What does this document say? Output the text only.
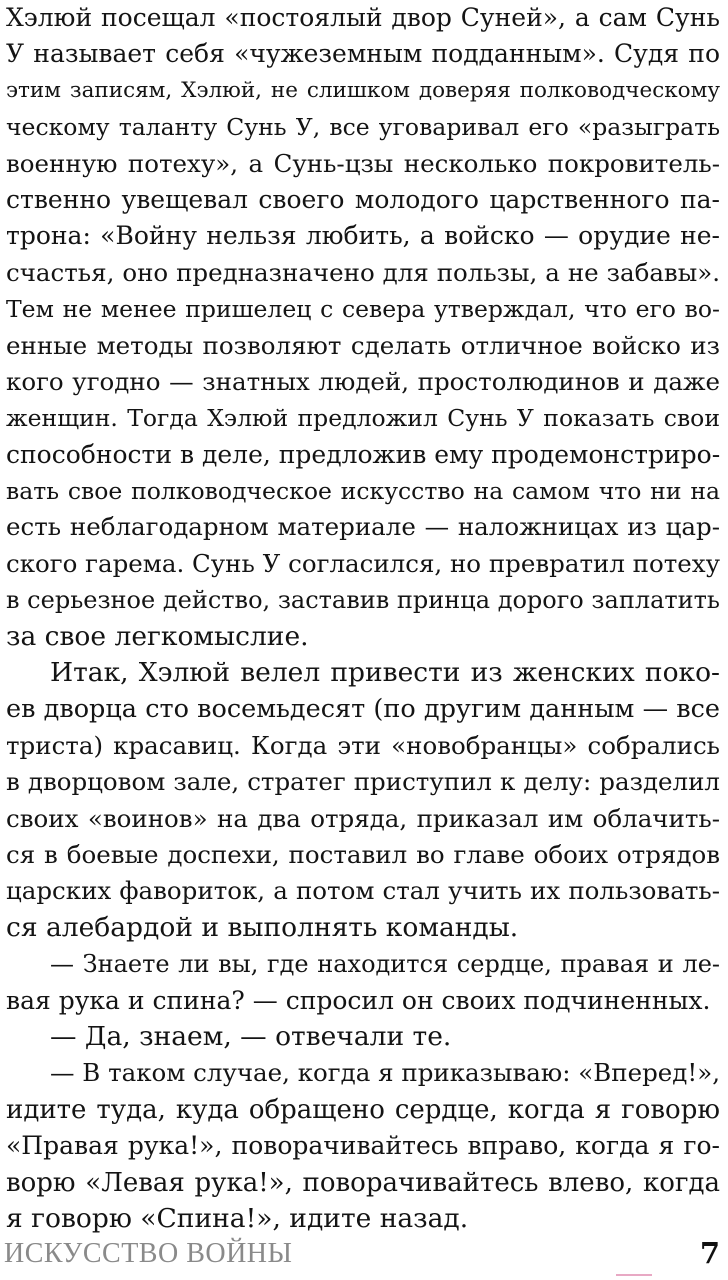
Хэлюй посещал «постоялый двор Суней», а сам Сунь
У называет себя «чужеземным подданным». Судя по
этим записям, Хэлюй, не слишком доверяя полководческому
ческому таланту Сунь У, все уговаривал его «разыграть
военную потеху», а Сунь-цзы несколько покровитель-
ственно увещевал своего молодого царственного па-
трона: «Войну нельзя любить, а войско — орудие не-
счастья, оно предназначено для пользы, а не забавы».
Тем не менее пришелец с севера утверждал, что его во-
енные методы позволяют сделать отличное войско из
кого угодно — знатных людей, простолюдинов и даже
женщин. Тогда Хэлюй предложил Сунь У показать свои
способности в деле, предложив ему продемонстриро-
вать свое полководческое искусство на самом что ни на
есть неблагодарном материале — наложницах из цар-
ского гарема. Сунь У согласился, но превратил потеху
в серьезное действо, заставив принца дорого заплатить
за свое легкомыслие.
Итак, Хэлюй велел привести из женских поко-
ев дворца сто восемьдесят (по другим данным — все
триста) красавиц. Когда эти «новобранцы» собрались
в дворцовом зале, стратег приступил к делу: разделил
своих «воинов» на два отряда, приказал им облачить-
ся в боевые доспехи, поставил во главе обоих отрядов
царских фавориток, а потом стал учить их пользовать-
ся алебардой и выполнять команды.
— Знаете ли вы, где находится сердце, правая и ле-
вая рука и спина? — спросил он своих подчиненных.
— Да, знаем, — отвечали те.
— В таком случае, когда я приказываю: «Вперед!»,
идите туда, куда обращено сердце, когда я говорю
«Правая рука!», поворачивайтесь вправо, когда я го-
ворю «Левая рука!», поворачивайтесь влево, когда
я говорю «Спина!», идите назад.
ИСКУССТВО ВОЙНЫ	7
